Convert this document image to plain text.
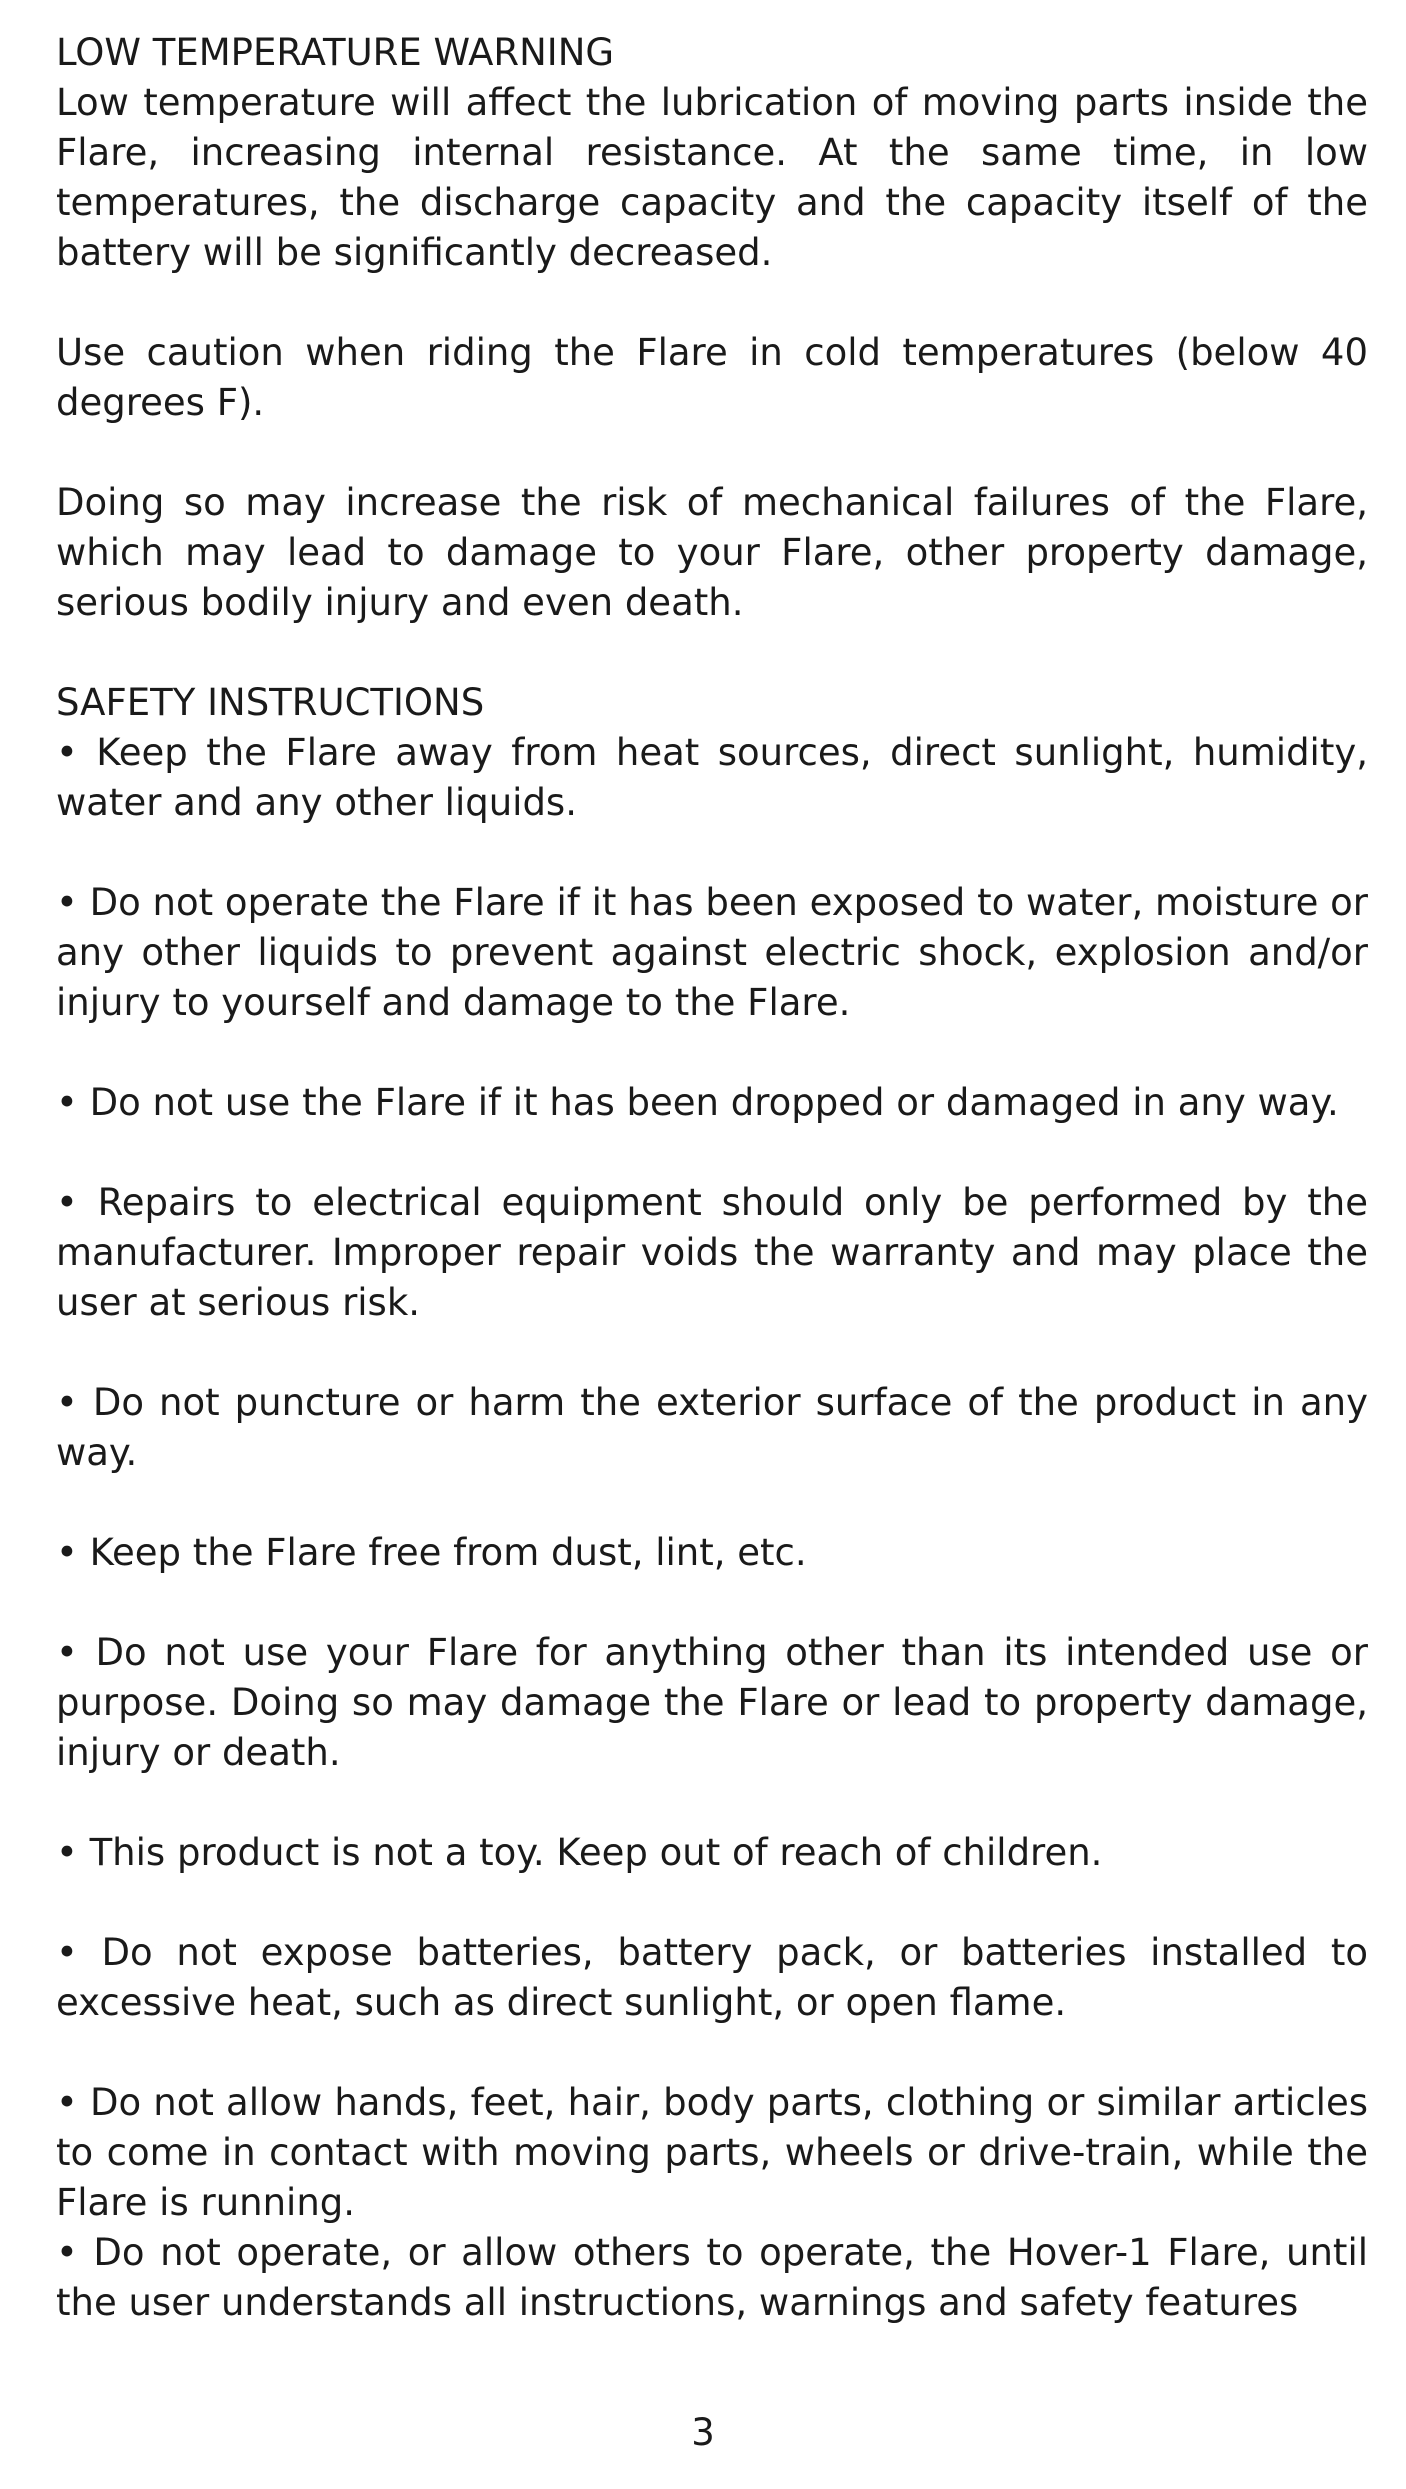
LOW TEMPERATURE WARNING

Low temperature will affect the lubrication of moving parts inside the Flare, increasing internal resistance. At the same time, in low temperatures, the discharge capacity and the capacity itself of the battery will be significantly decreased.

Use caution when riding the Flare in cold temperatures (below 40 degrees F).

Doing so may increase the risk of mechanical failures of the Flare, which may lead to damage to your Flare, other property damage, serious bodily injury and even death.

SAFETY INSTRUCTIONS

• Keep the Flare away from heat sources, direct sunlight, humidity, water and any other liquids.

• Do not operate the Flare if it has been exposed to water, moisture or any other liquids to prevent against electric shock, explosion and/or injury to yourself and damage to the Flare.

• Do not use the Flare if it has been dropped or damaged in any way.

• Repairs to electrical equipment should only be performed by the manufacturer. Improper repair voids the warranty and may place the user at serious risk.

• Do not puncture or harm the exterior surface of the product in any way.

• Keep the Flare free from dust, lint, etc.

• Do not use your Flare for anything other than its intended use or purpose. Doing so may damage the Flare or lead to property damage, injury or death.

• This product is not a toy. Keep out of reach of children.

• Do not expose batteries, battery pack, or batteries installed to excessive heat, such as direct sunlight, or open flame.

• Do not allow hands, feet, hair, body parts, clothing or similar articles to come in contact with moving parts, wheels or drive-train, while the Flare is running.

• Do not operate, or allow others to operate, the Hover-1 Flare, until the user understands all instructions, warnings and safety features

3
